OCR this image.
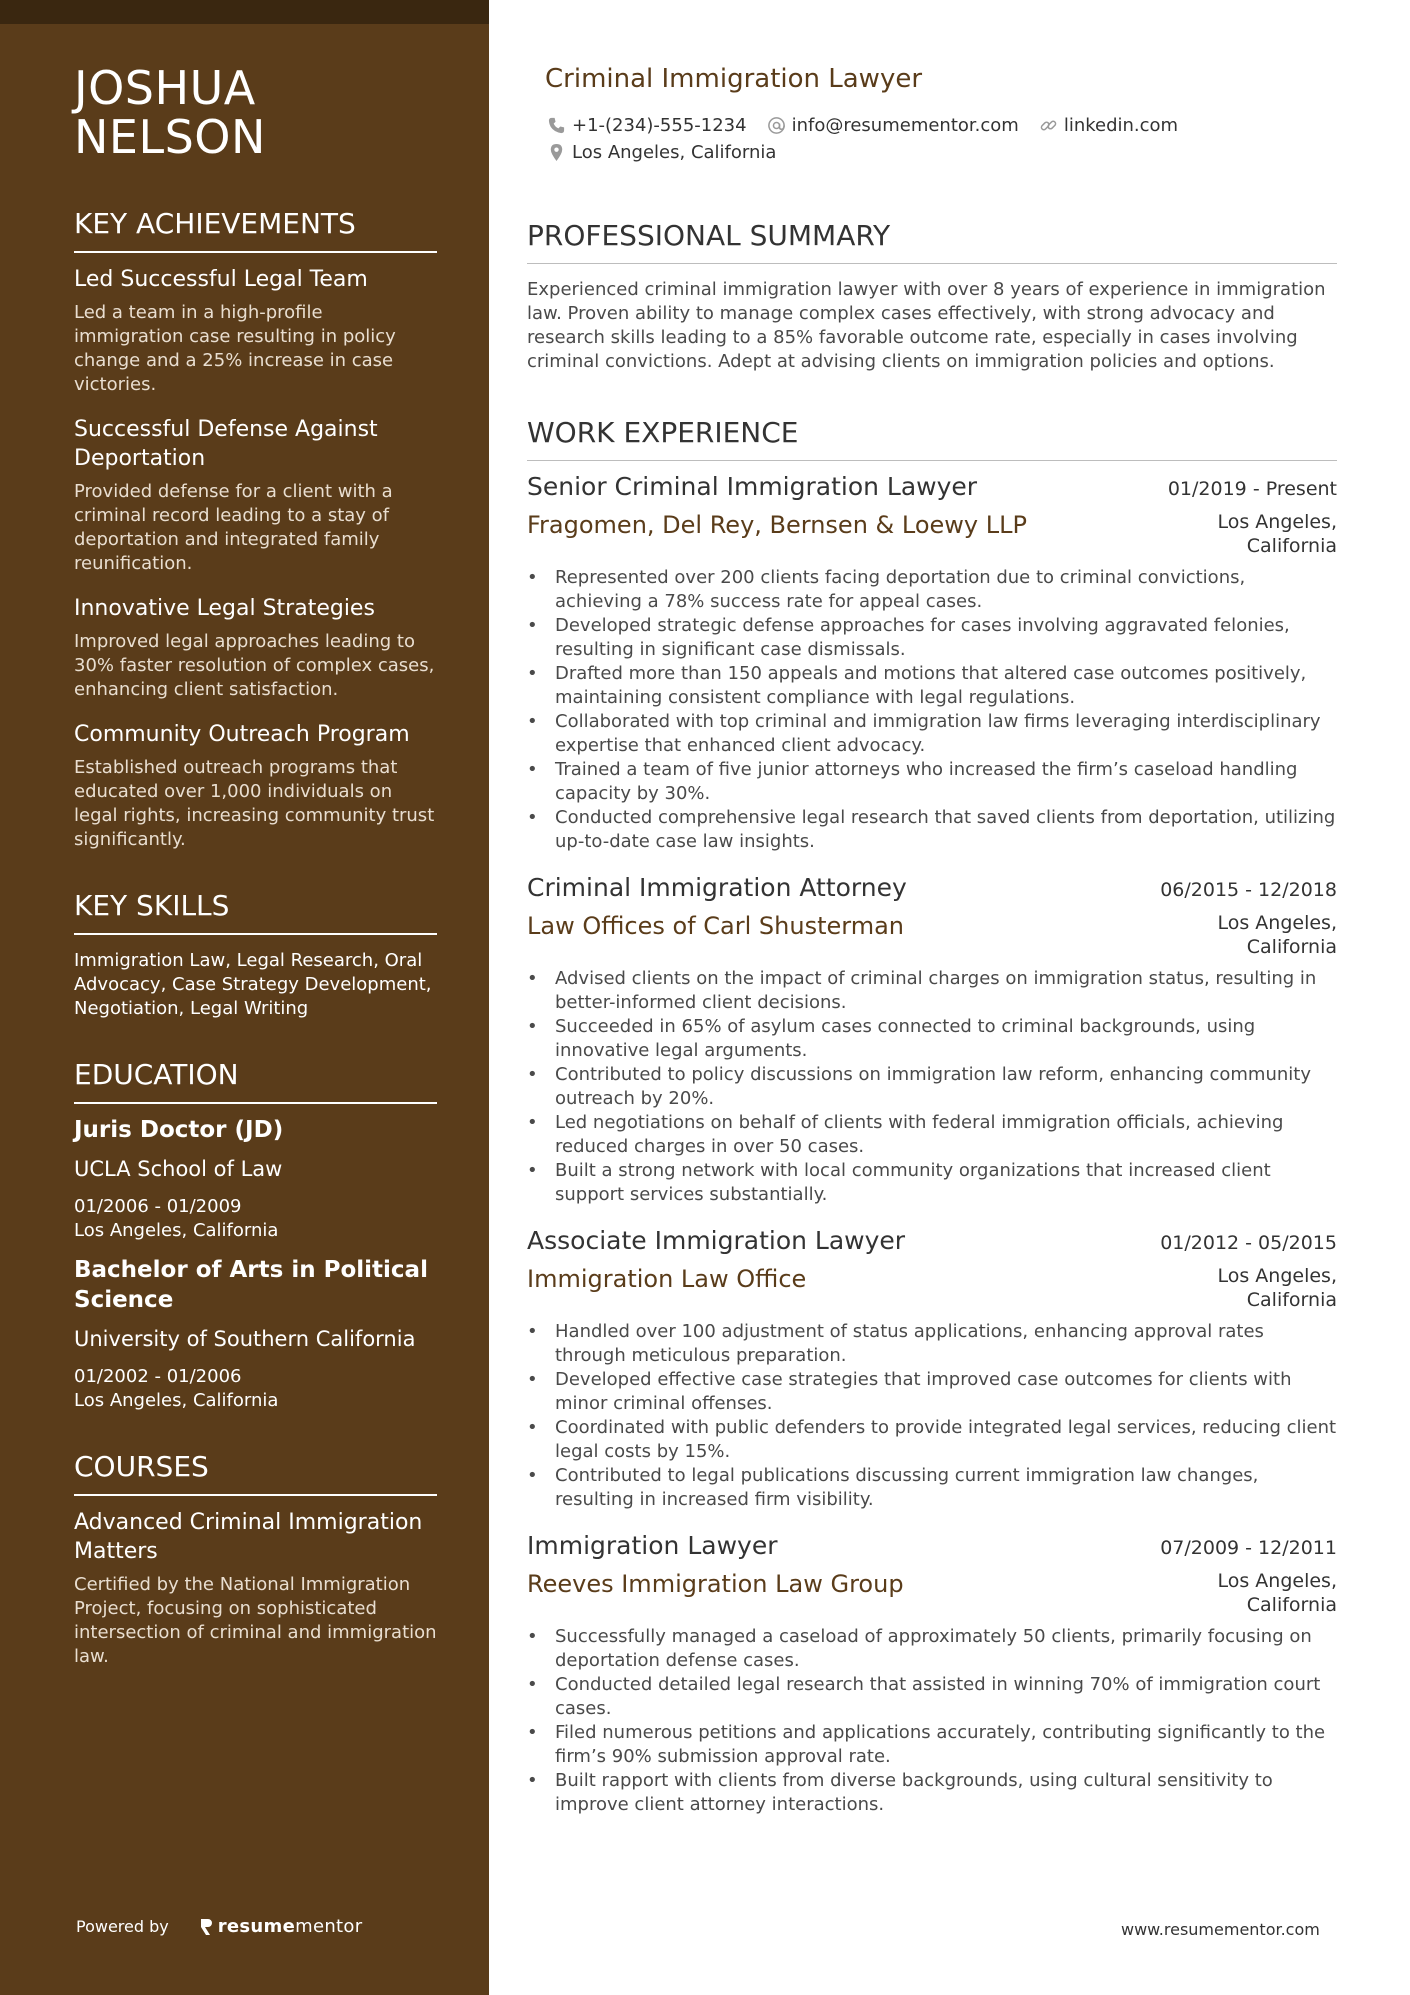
JOSHUA
NELSON
KEY ACHIEVEMENTS
Led Successful Legal Team
Led a team in a high-profile immigration case resulting in policy change and a 25% increase in case victories.
Successful Defense Against Deportation
Provided defense for a client with a criminal record leading to a stay of deportation and integrated family reunification.
Innovative Legal Strategies
Improved legal approaches leading to 30% faster resolution of complex cases, enhancing client satisfaction.
Community Outreach Program
Established outreach programs that educated over 1,000 individuals on legal rights, increasing community trust significantly.
KEY SKILLS
Immigration Law, Legal Research, Oral Advocacy, Case Strategy Development, Negotiation, Legal Writing
EDUCATION
Juris Doctor (JD)
UCLA School of Law
01/2006 - 01/2009
Los Angeles, California
Bachelor of Arts in Political Science
University of Southern California
01/2002 - 01/2006
Los Angeles, California
COURSES
Advanced Criminal Immigration Matters
Certified by the National Immigration Project, focusing on sophisticated intersection of criminal and immigration law.
Powered by	resume mentor
Criminal Immigration Lawyer
+1-(234)-555-1234	info@resumementor.com	linkedin.com
Los Angeles, California
PROFESSIONAL SUMMARY
Experienced criminal immigration lawyer with over 8 years of experience in immigration law. Proven ability to manage complex cases effectively, with strong advocacy and research skills leading to a 85% favorable outcome rate, especially in cases involving criminal convictions. Adept at advising clients on immigration policies and options.
WORK EXPERIENCE
Senior Criminal Immigration Lawyer	01/2019 - Present
Fragomen, Del Rey, Bernsen & Loewy LLP	Los Angeles, California
• Represented over 200 clients facing deportation due to criminal convictions, achieving a 78% success rate for appeal cases.
• Developed strategic defense approaches for cases involving aggravated felonies, resulting in significant case dismissals.
• Drafted more than 150 appeals and motions that altered case outcomes positively, maintaining consistent compliance with legal regulations.
• Collaborated with top criminal and immigration law firms leveraging interdisciplinary expertise that enhanced client advocacy.
• Trained a team of five junior attorneys who increased the firm’s caseload handling capacity by 30%.
• Conducted comprehensive legal research that saved clients from deportation, utilizing up-to-date case law insights.
Criminal Immigration Attorney	06/2015 - 12/2018
Law Offices of Carl Shusterman	Los Angeles, California
• Advised clients on the impact of criminal charges on immigration status, resulting in better-informed client decisions.
• Succeeded in 65% of asylum cases connected to criminal backgrounds, using innovative legal arguments.
• Contributed to policy discussions on immigration law reform, enhancing community outreach by 20%.
• Led negotiations on behalf of clients with federal immigration officials, achieving reduced charges in over 50 cases.
• Built a strong network with local community organizations that increased client support services substantially.
Associate Immigration Lawyer	01/2012 - 05/2015
Immigration Law Office	Los Angeles, California
• Handled over 100 adjustment of status applications, enhancing approval rates through meticulous preparation.
• Developed effective case strategies that improved case outcomes for clients with minor criminal offenses.
• Coordinated with public defenders to provide integrated legal services, reducing client legal costs by 15%.
• Contributed to legal publications discussing current immigration law changes, resulting in increased firm visibility.
Immigration Lawyer	07/2009 - 12/2011
Reeves Immigration Law Group	Los Angeles, California
• Successfully managed a caseload of approximately 50 clients, primarily focusing on deportation defense cases.
• Conducted detailed legal research that assisted in winning 70% of immigration court cases.
• Filed numerous petitions and applications accurately, contributing significantly to the firm’s 90% submission approval rate.
• Built rapport with clients from diverse backgrounds, using cultural sensitivity to improve client attorney interactions.
www.resumementor.com
